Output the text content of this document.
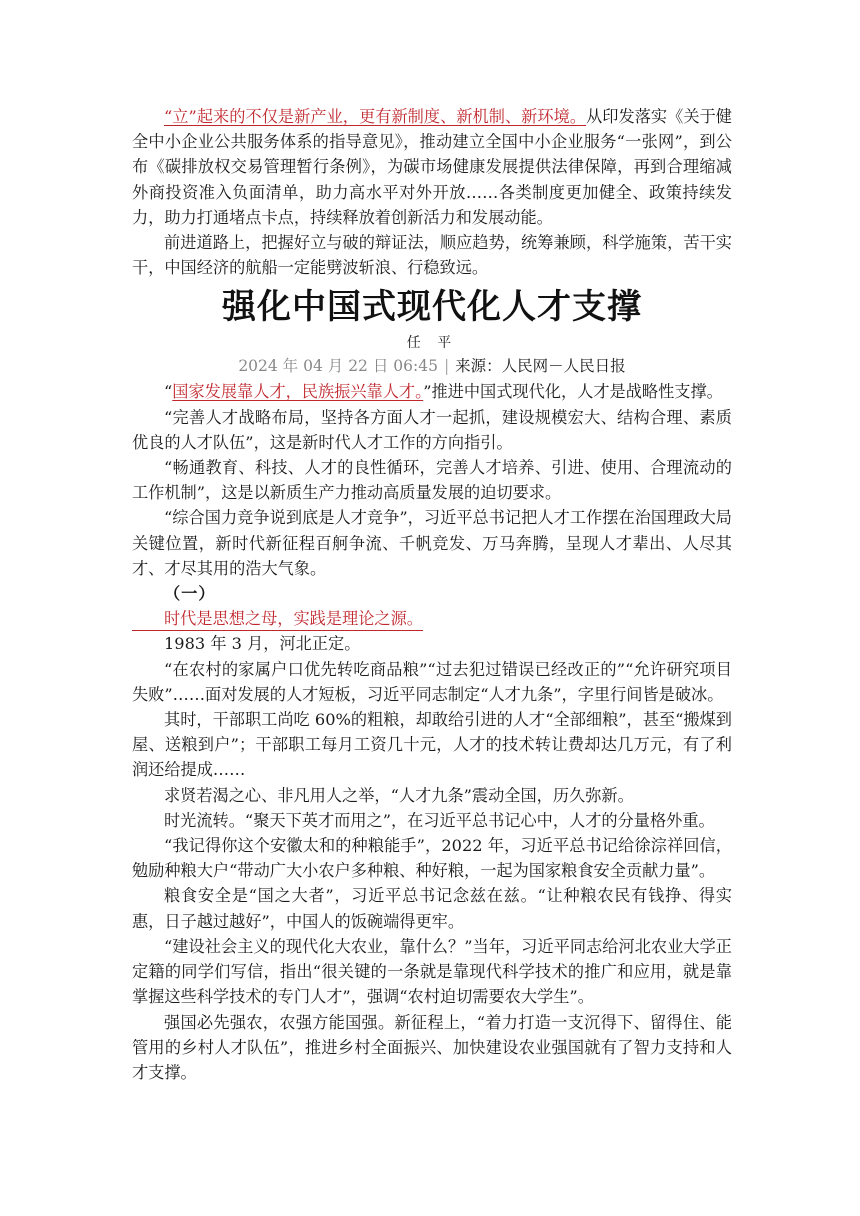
“立”起来的不仅是新产业，更有新制度、新机制、新环境。从印发落实《关于健全中小企业公共服务体系的指导意见》，推动建立全国中小企业服务“一张网”，到公布《碳排放权交易管理暂行条例》，为碳市场健康发展提供法律保障，再到合理缩减外商投资准入负面清单，助力高水平对外开放……各类制度更加健全、政策持续发力，助力打通堵点卡点，持续释放着创新活力和发展动能。

前进道路上，把握好立与破的辩证法，顺应趋势，统筹兼顾，科学施策，苦干实干，中国经济的航船一定能劈波斩浪、行稳致远。

强化中国式现代化人才支撑
任 平
2024 年 04 月 22 日 06:45 | 来源：人民网－人民日报

“国家发展靠人才，民族振兴靠人才。”推进中国式现代化，人才是战略性支撑。

“完善人才战略布局，坚持各方面人才一起抓，建设规模宏大、结构合理、素质优良的人才队伍”，这是新时代人才工作的方向指引。

“畅通教育、科技、人才的良性循环，完善人才培养、引进、使用、合理流动的工作机制”，这是以新质生产力推动高质量发展的迫切要求。

“综合国力竞争说到底是人才竞争”，习近平总书记把人才工作摆在治国理政大局关键位置，新时代新征程百舸争流、千帆竞发、万马奔腾，呈现人才辈出、人尽其才、才尽其用的浩大气象。

（一）

时代是思想之母，实践是理论之源。

1983 年 3 月，河北正定。

“在农村的家属户口优先转吃商品粮”“过去犯过错误已经改正的”“允许研究项目失败”……面对发展的人才短板，习近平同志制定“人才九条”，字里行间皆是破冰。

其时，干部职工尚吃 60%的粗粮，却敢给引进的人才“全部细粮”，甚至“搬煤到屋、送粮到户”；干部职工每月工资几十元，人才的技术转让费却达几万元，有了利润还给提成……

求贤若渴之心、非凡用人之举，“人才九条”震动全国，历久弥新。

时光流转。“聚天下英才而用之”，在习近平总书记心中，人才的分量格外重。

“我记得你这个安徽太和的种粮能手”，2022 年，习近平总书记给徐淙祥回信，勉励种粮大户“带动广大小农户多种粮、种好粮，一起为国家粮食安全贡献力量”。

粮食安全是“国之大者”，习近平总书记念兹在兹。“让种粮农民有钱挣、得实惠，日子越过越好”，中国人的饭碗端得更牢。

“建设社会主义的现代化大农业，靠什么？”当年，习近平同志给河北农业大学正定籍的同学们写信，指出“很关键的一条就是靠现代科学技术的推广和应用，就是靠掌握这些科学技术的专门人才”，强调“农村迫切需要农大学生”。

强国必先强农，农强方能国强。新征程上，“着力打造一支沉得下、留得住、能管用的乡村人才队伍”，推进乡村全面振兴、加快建设农业强国就有了智力支持和人才支撑。
